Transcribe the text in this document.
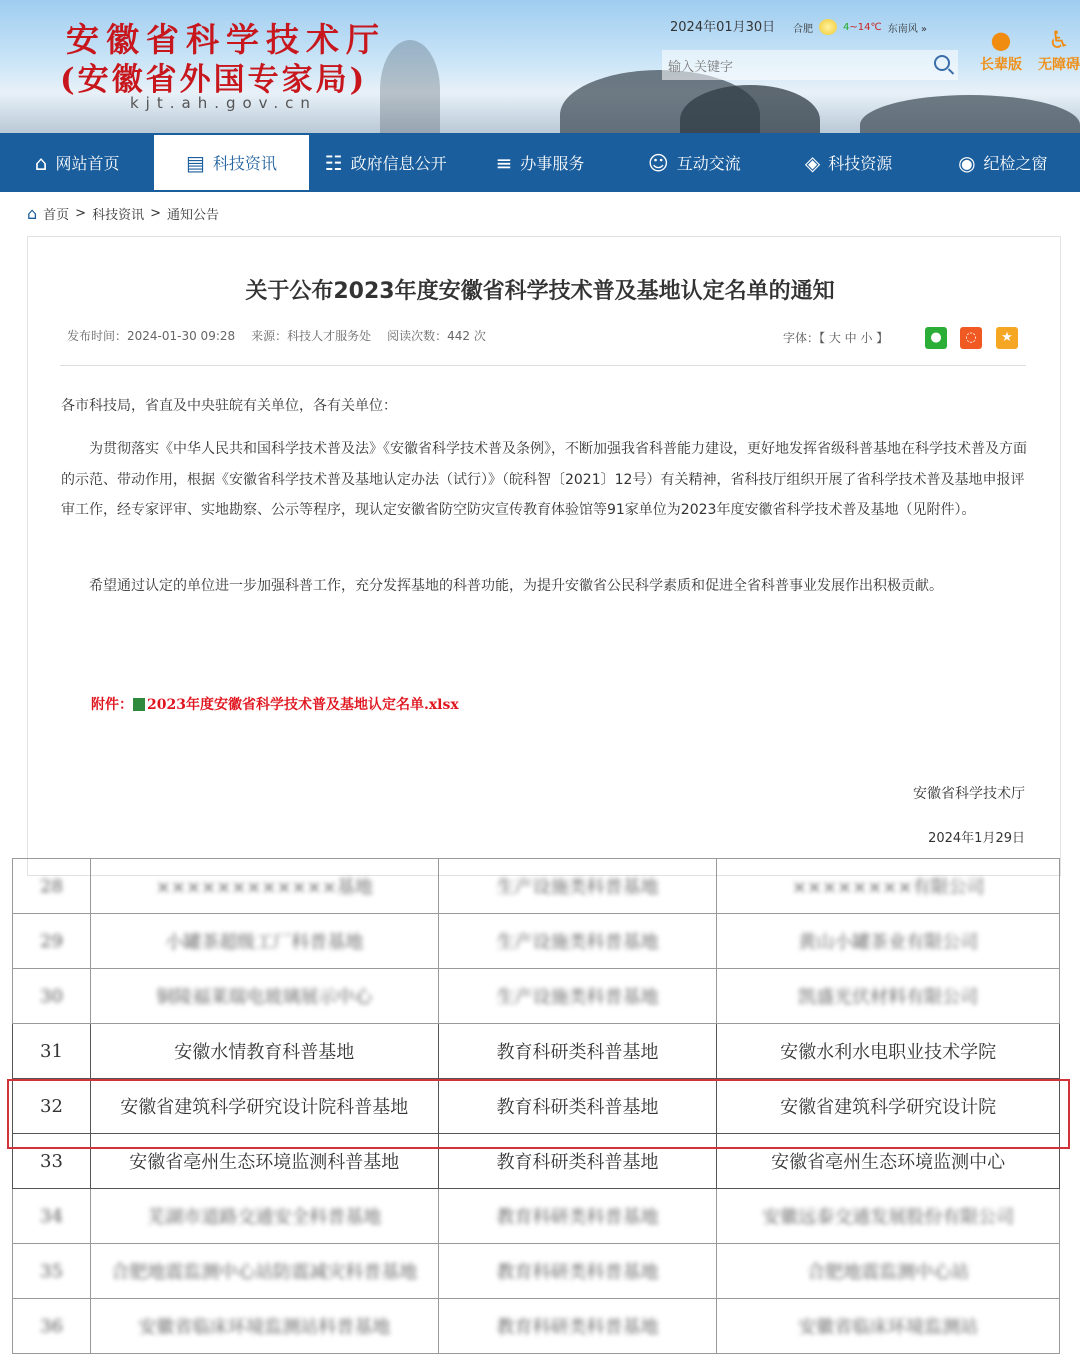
安徽省科学技术厅
(安徽省外国专家局)
kjt.ah.gov.cn
2024年01月30日 合肥	4~14℃ 东南风 »
输入关键字
●
长辈版
♿
无障碍
⌂ 网站首页	▤ 科技资讯 ☷ 政府信息公开 ≡ 办事服务	☺ 互动交流	◈ 科技资源	◉ 纪检之窗
⌂ 首页 > 科技资讯 > 通知公告
关于公布2023年度安徽省科学技术普及基地认定名单的通知
发布时间：2024-01-30 09:28 来源：科技人才服务处 阅读次数：442 次	字体：【 大 中 小 】	●	◌	★
各市科技局，省直及中央驻皖有关单位，各有关单位：
为贯彻落实《中华人民共和国科学技术普及法》《安徽省科学技术普及条例》，不断加强我省科普能力建设，更好地发挥省级科普基地在科学技术普及方面的示范、带动作用，根据《安徽省科学技术普及基地认定办法（试行）》（皖科智〔2021〕12号）有关精神，省科技厅组织开展了省科学技术普及基地申报评审工作，经专家评审、实地勘察、公示等程序，现认定安徽省防空防灾宣传教育体验馆等91家单位为2023年度安徽省科学技术普及基地（见附件）。
希望通过认定的单位进一步加强科普工作，充分发挥基地的科普功能，为提升安徽省公民科学素质和促进全省科普事业发展作出积极贡献。
附件： 2023年度安徽省科学技术普及基地认定名单.xlsx
安徽省科学技术厅
2024年1月29日
28	××××××××××××基地	生产设施类科普基地	××××××××有限公司
29	小罐茶超级工厂科普基地	生产设施类科普基地	黄山小罐茶业有限公司
30	铜陵福莱瑞电玻璃展示中心	生产设施类科普基地	凯盛光伏材料有限公司
31	安徽水情教育科普基地	教育科研类科普基地	安徽水利水电职业技术学院
32	安徽省建筑科学研究设计院科普基地	教育科研类科普基地	安徽省建筑科学研究设计院
33	安徽省亳州生态环境监测科普基地	教育科研类科普基地	安徽省亳州生态环境监测中心
34	芜湖市道路交通安全科普基地	教育科研类科普基地	安徽远泰交通发展股份有限公司
35	合肥地震监测中心站防震减灾科普基地	教育科研类科普基地	合肥地震监测中心站
36	安徽省临床环境监测站科普基地	教育科研类科普基地	安徽省临床环境监测站
